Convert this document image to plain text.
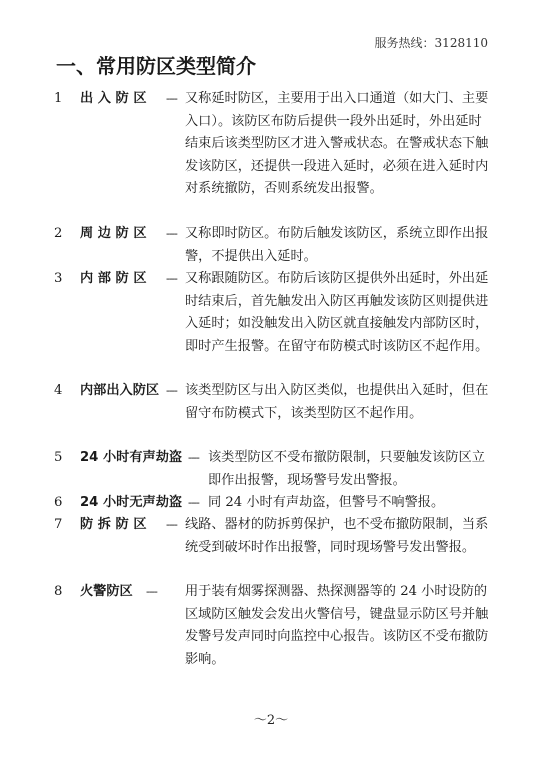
服务热线：3128110
一、常用防区类型简介
1	出 入 防 区 ---- 又称延时防区，主要用于出入口通道（如大门、主要入口）。该防区布防后提供一段外出延时，外出延时结束后该类型防区才进入警戒状态。在警戒状态下触发该防区，还提供一段进入延时，必须在进入延时内对系统撤防，否则系统发出报警。
2	周 边 防 区 ---- 又称即时防区。布防后触发该防区，系统立即作出报警，不提供出入延时。
3	内 部 防 区 ---- 又称跟随防区。布防后该防区提供外出延时，外出延时结束后，首先触发出入防区再触发该防区则提供进入延时；如没触发出入防区就直接触发内部防区时，即时产生报警。在留守布防模式时该防区不起作用。
4	内部出入防区 ---- 该类型防区与出入防区类似，也提供出入延时，但在留守布防模式下，该类型防区不起作用。
5	24 小时有声劫盗 ---- 该类型防区不受布撤防限制，只要触发该防区立即作出报警，现场警号发出警报。
6	24 小时无声劫盗 ---- 同 24 小时有声劫盗，但警号不响警报。
7	防 拆 防 区 ---- 线路、器材的防拆剪保护，也不受布撤防限制，当系统受到破坏时作出报警，同时现场警号发出警报。
8	火警防区 ---- 用于装有烟雾探测器、热探测器等的 24 小时设防的区域防区触发会发出火警信号，键盘显示防区号并触发警号发声同时向监控中心报告。该防区不受布撤防影响。
～2～
